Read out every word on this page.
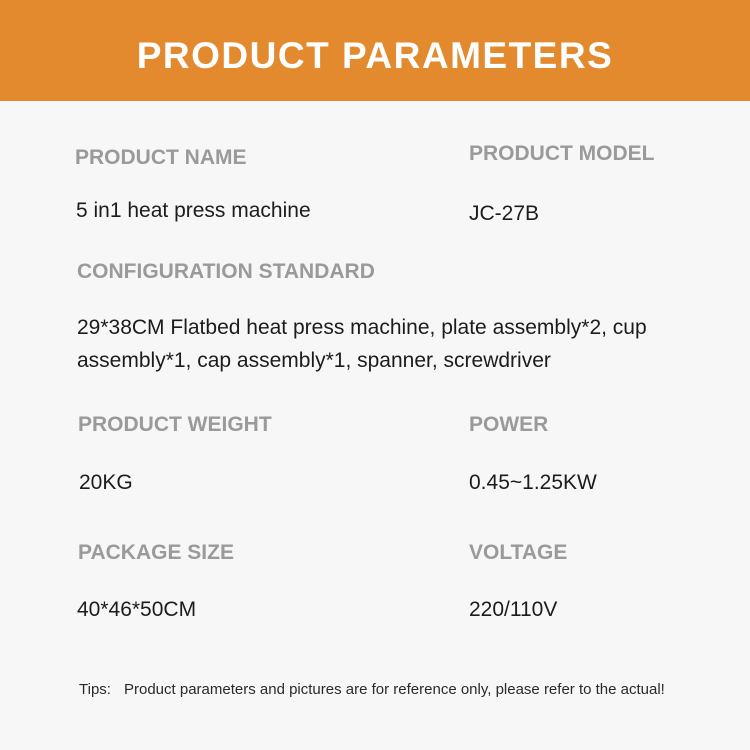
PRODUCT PARAMETERS
PRODUCT NAME
5 in1 heat press machine
PRODUCT MODEL
JC-27B
CONFIGURATION STANDARD
29*38CM Flatbed heat press machine, plate assembly*2, cup assembly*1, cap assembly*1, spanner, screwdriver
PRODUCT WEIGHT
20KG
POWER
0.45~1.25KW
PACKAGE SIZE
40*46*50CM
VOLTAGE
220/110V
Tips: Product parameters and pictures are for reference only, please refer to the actual!
